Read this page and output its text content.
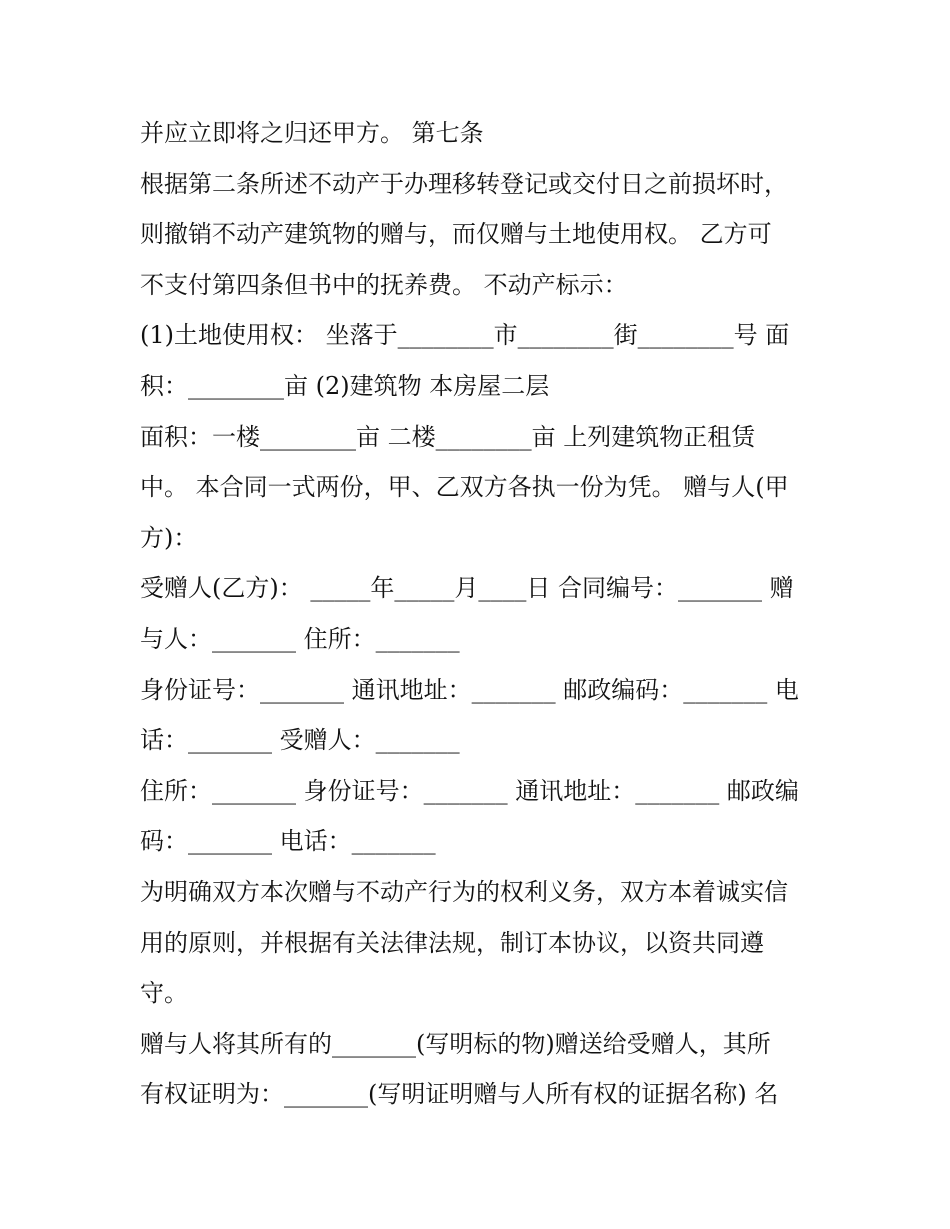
并应立即将之归还甲方。 第七条
根据第二条所述不动产于办理移转登记或交付日之前损坏时，
则撤销不动产建筑物的赠与，而仅赠与土地使用权。 乙方可
不支付第四条但书中的抚养费。 不动产标示：
(1)土地使用权： 坐落于________市________街________号 面
积：________亩 (2)建筑物 本房屋二层
面积：一楼________亩 二楼________亩 上列建筑物正租赁
中。 本合同一式两份，甲、乙双方各执一份为凭。 赠与人(甲
方)：
受赠人(乙方)： _____年_____月____日 合同编号：_______ 赠
与人：_______ 住所：_______
身份证号：_______ 通讯地址：_______ 邮政编码：_______ 电
话：_______ 受赠人：_______
住所：_______ 身份证号：_______ 通讯地址：_______ 邮政编
码：_______ 电话：_______
为明确双方本次赠与不动产行为的权利义务，双方本着诚实信
用的原则，并根据有关法律法规，制订本协议，以资共同遵
守。
赠与人将其所有的_______(写明标的物)赠送给受赠人，其所
有权证明为：_______(写明证明赠与人所有权的证据名称) 名
